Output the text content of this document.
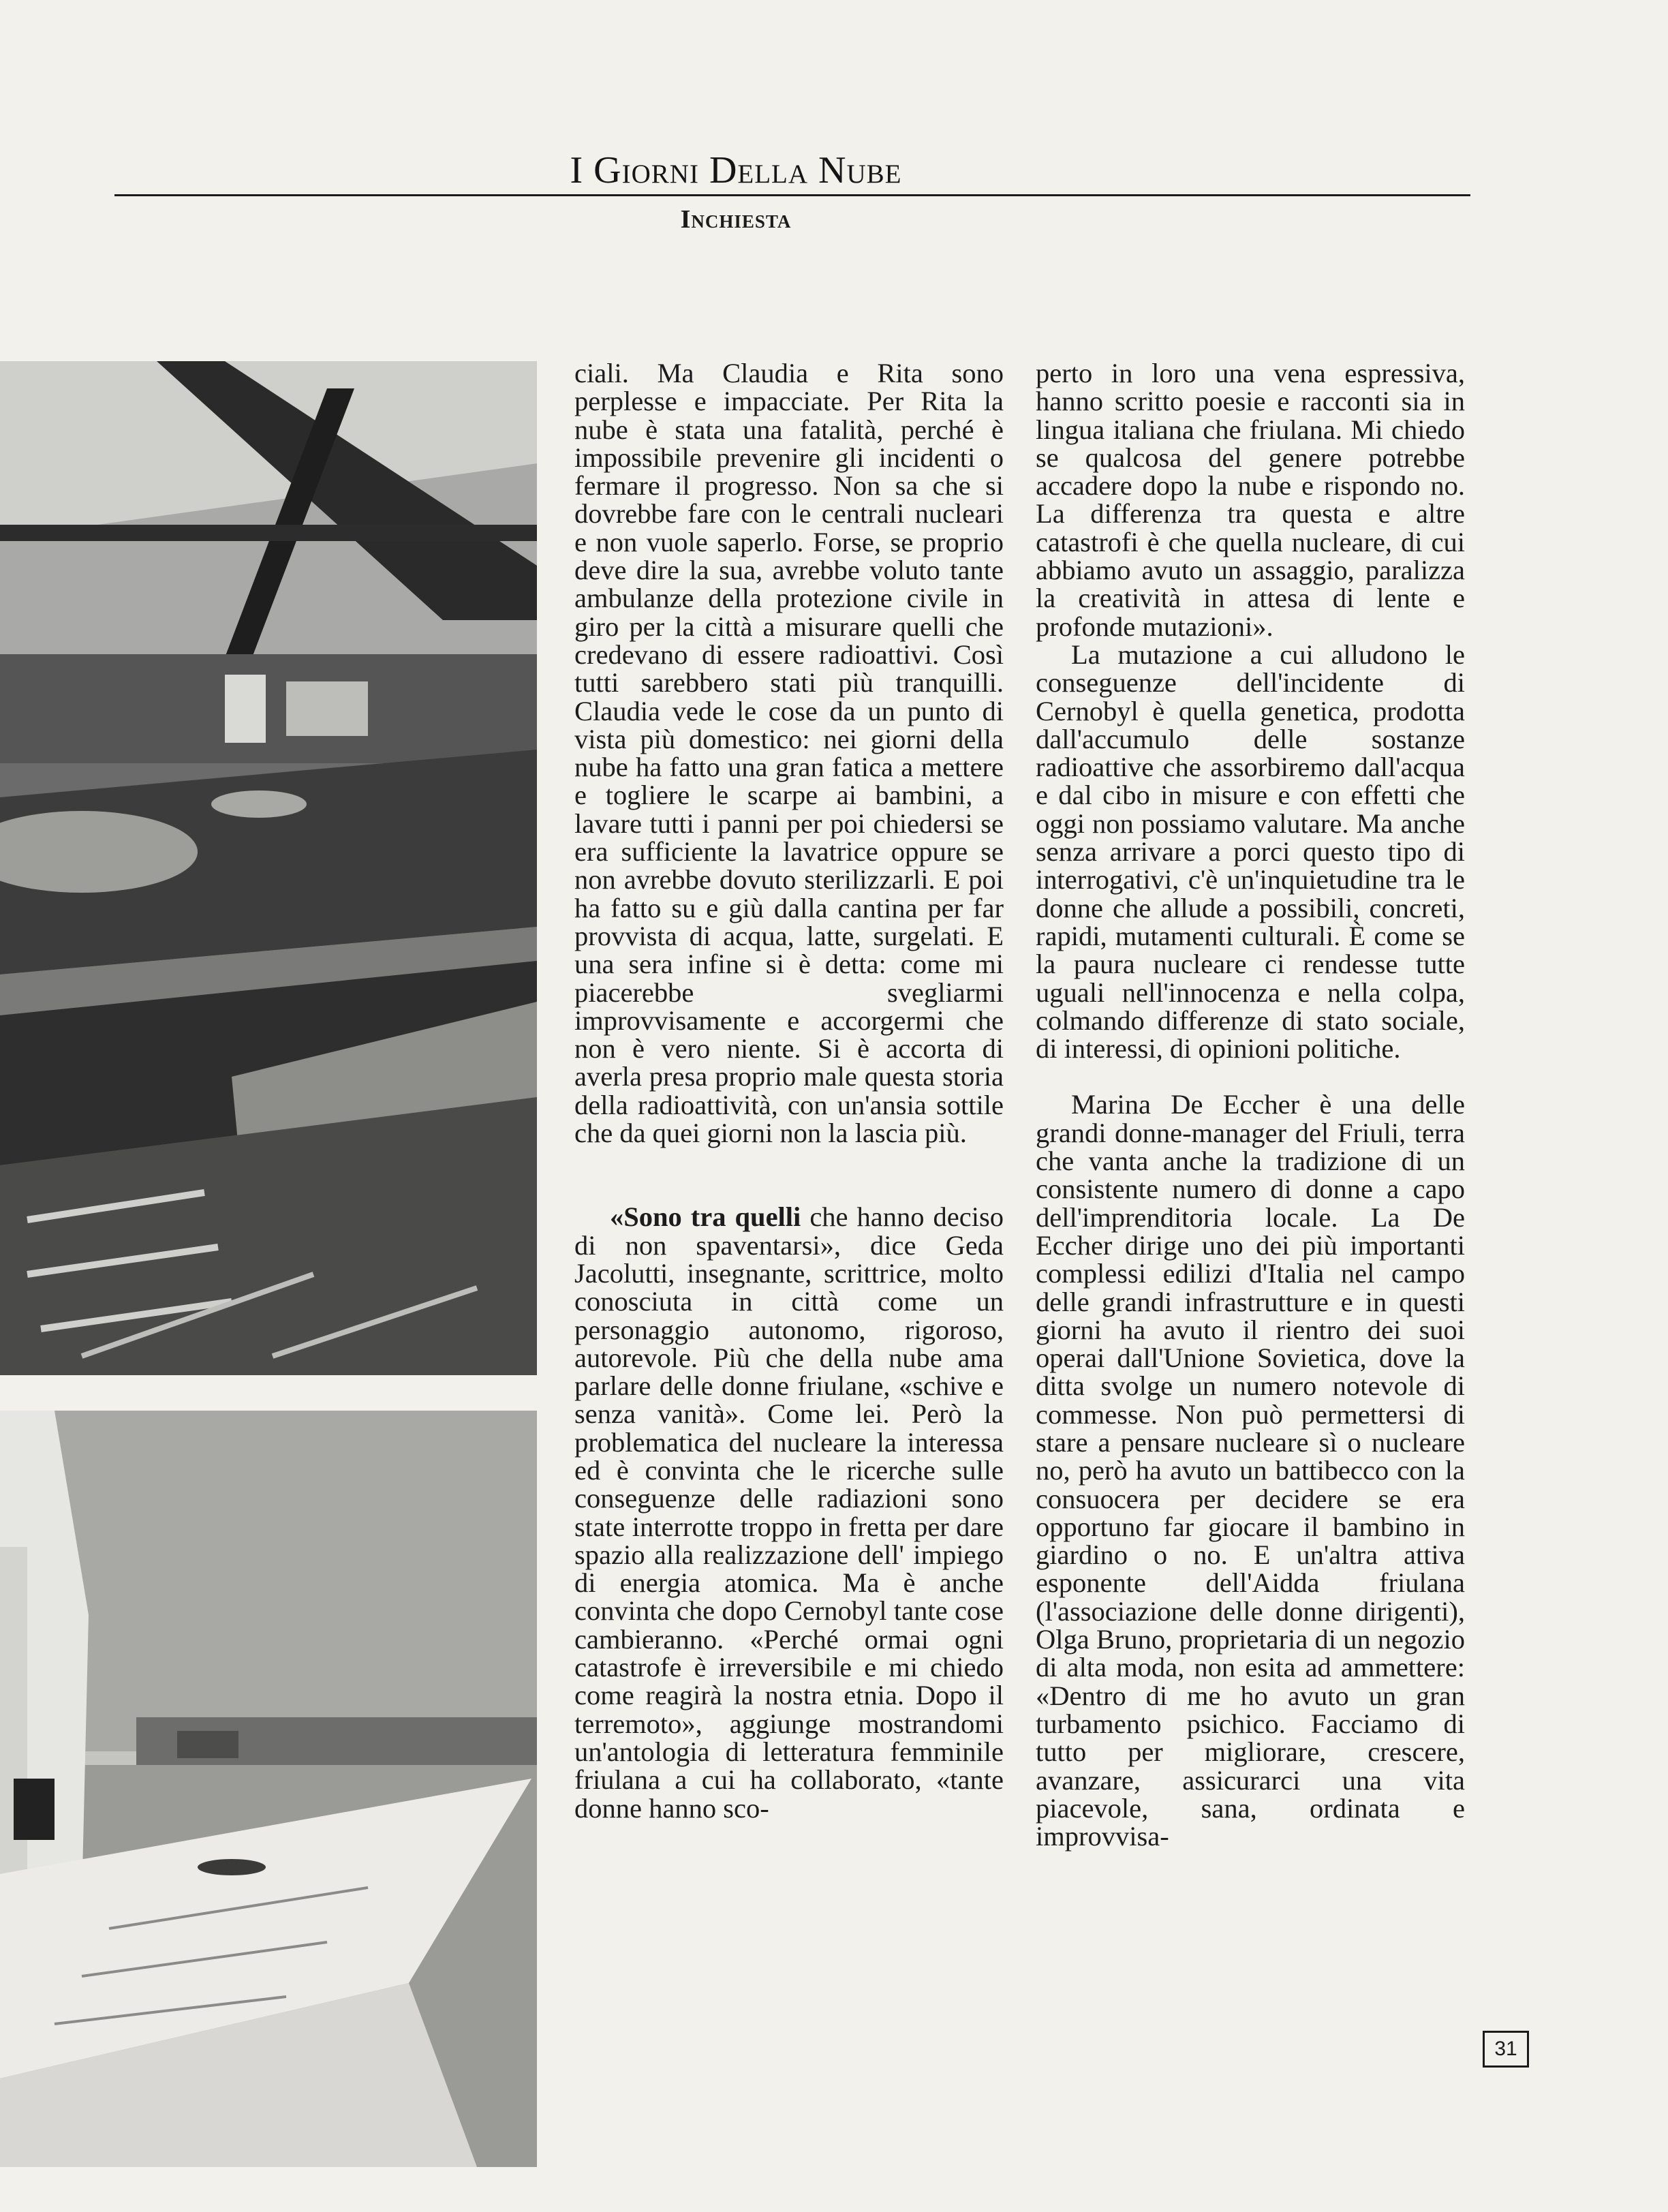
I Giorni Della Nube
Inchiesta

ciali. Ma Claudia e Rita sono perplesse e impacciate. Per Rita la nube è stata una fatalità, perché è impossibile prevenire gli incidenti o fermare il progresso. Non sa che si dovrebbe fare con le centrali nucleari e non vuole saperlo. Forse, se proprio deve dire la sua, avrebbe voluto tante ambulanze della protezione civile in giro per la città a misurare quelli che credevano di essere radioattivi. Così tutti sarebbero stati più tranquilli. Claudia vede le cose da un punto di vista più domestico: nei giorni della nube ha fatto una gran fatica a mettere e togliere le scarpe ai bambini, a lavare tutti i panni per poi chiedersi se era sufficiente la lavatrice oppure se non avrebbe dovuto sterilizzarli. E poi ha fatto su e giù dalla cantina per far provvista di acqua, latte, surgelati. E una sera infine si è detta: come mi piacerebbe svegliarmi improvvisamente e accorgermi che non è vero niente. Si è accorta di averla presa proprio male questa storia della radioattività, con un'ansia sottile che da quei giorni non la lascia più.

«Sono tra quelli che hanno deciso di non spaventarsi», dice Geda Jacolutti, insegnante, scrittrice, molto conosciuta in città come un personaggio autonomo, rigoroso, autorevole. Più che della nube ama parlare delle donne friulane, «schive e senza vanità». Come lei. Però la problematica del nucleare la interessa ed è convinta che le ricerche sulle conseguenze delle radiazioni sono state interrotte troppo in fretta per dare spazio alla realizzazione dell' impiego di energia atomica. Ma è anche convinta che dopo Cernobyl tante cose cambieranno. «Perché ormai ogni catastrofe è irreversibile e mi chiedo come reagirà la nostra etnia. Dopo il terremoto», aggiunge mostrandomi un'antologia di letteratura femminile friulana a cui ha collaborato, «tante donne hanno sco-

perto in loro una vena espressiva, hanno scritto poesie e racconti sia in lingua italiana che friulana. Mi chiedo se qualcosa del genere potrebbe accadere dopo la nube e rispondo no. La differenza tra questa e altre catastrofi è che quella nucleare, di cui abbiamo avuto un assaggio, paralizza la creatività in attesa di lente e profonde mutazioni».

La mutazione a cui alludono le conseguenze dell'incidente di Cernobyl è quella genetica, prodotta dall'accumulo delle sostanze radioattive che assorbiremo dall'acqua e dal cibo in misure e con effetti che oggi non possiamo valutare. Ma anche senza arrivare a porci questo tipo di interrogativi, c'è un'inquietudine tra le donne che allude a possibili, concreti, rapidi, mutamenti culturali. È come se la paura nucleare ci rendesse tutte uguali nell'innocenza e nella colpa, colmando differenze di stato sociale, di interessi, di opinioni politiche.

Marina De Eccher è una delle grandi donne-manager del Friuli, terra che vanta anche la tradizione di un consistente numero di donne a capo dell'imprenditoria locale. La De Eccher dirige uno dei più importanti complessi edilizi d'Italia nel campo delle grandi infrastrutture e in questi giorni ha avuto il rientro dei suoi operai dall'Unione Sovietica, dove la ditta svolge un numero notevole di commesse. Non può permettersi di stare a pensare nucleare sì o nucleare no, però ha avuto un battibecco con la consuocera per decidere se era opportuno far giocare il bambino in giardino o no. E un'altra attiva esponente dell'Aidda friulana (l'associazione delle donne dirigenti), Olga Bruno, proprietaria di un negozio di alta moda, non esita ad ammettere: «Dentro di me ho avuto un gran turbamento psichico. Facciamo di tutto per migliorare, crescere, avanzare, assicurarci una vita piacevole, sana, ordinata e improvvisa-

31
